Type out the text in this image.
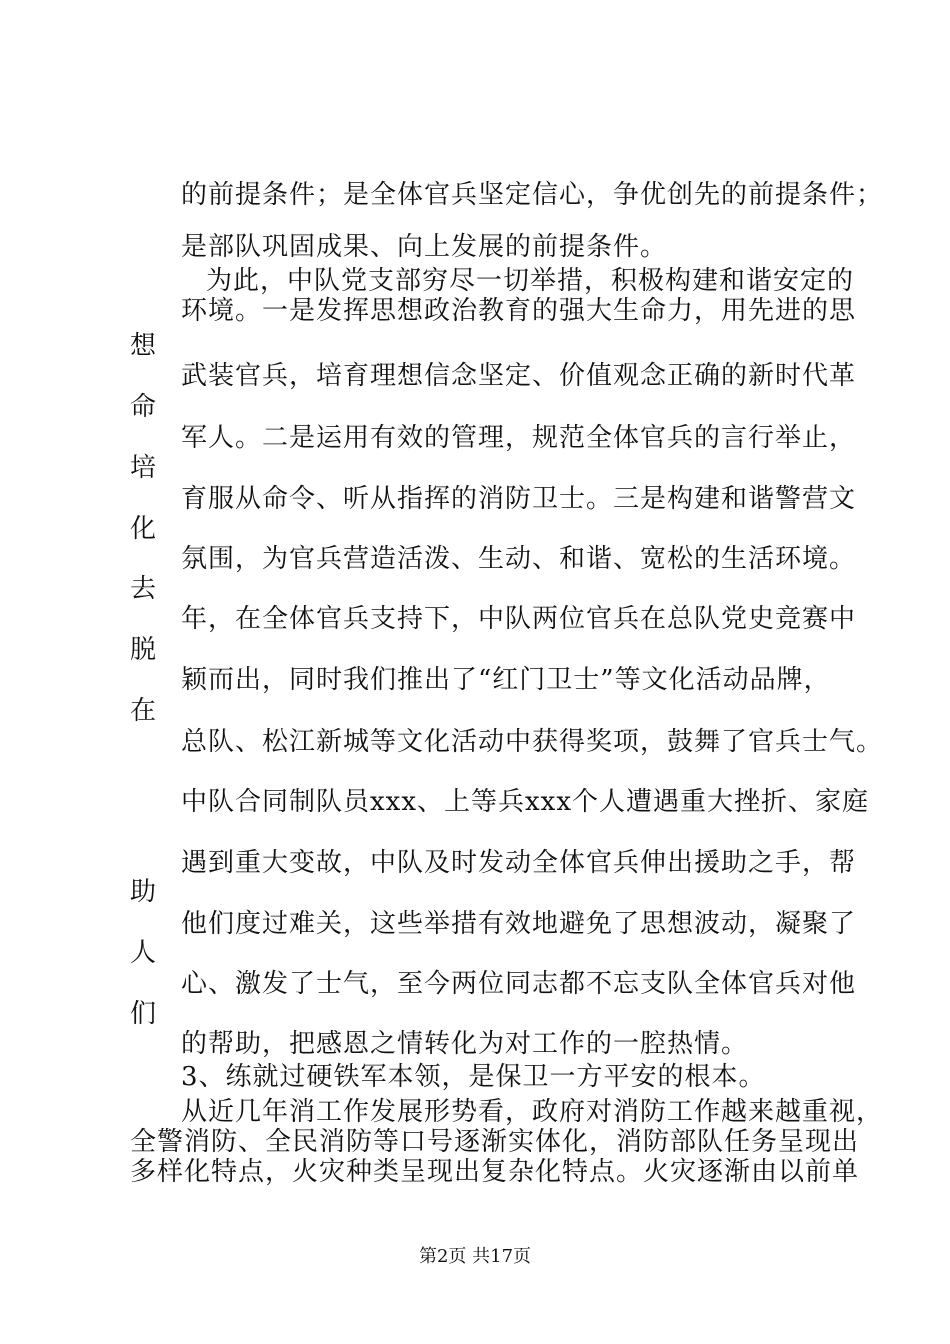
的前提条件；是全体官兵坚定信心，争优创先的前提条件；
是部队巩固成果、向上发展的前提条件。
为此，中队党支部穷尽一切举措，积极构建和谐安定的
环境。一是发挥思想政治教育的强大生命力，用先进的思
武装官兵，培育理想信念坚定、价值观念正确的新时代革
军人。二是运用有效的管理，规范全体官兵的言行举止，
育服从命令、听从指挥的消防卫士。三是构建和谐警营文
氛围，为官兵营造活泼、生动、和谐、宽松的生活环境。
年，在全体官兵支持下，中队两位官兵在总队党史竞赛中
颖而出，同时我们推出了“红门卫士”等文化活动品牌，
总队、松江新城等文化活动中获得奖项，鼓舞了官兵士气。
中队合同制队员xxx、上等兵xxx个人遭遇重大挫折、家庭
遇到重大变故，中队及时发动全体官兵伸出援助之手，帮
他们度过难关，这些举措有效地避免了思想波动，凝聚了
心、激发了士气，至今两位同志都不忘支队全体官兵对他
的帮助，把感恩之情转化为对工作的一腔热情。
3、练就过硬铁军本领，是保卫一方平安的根本。
从近几年消工作发展形势看，政府对消防工作越来越重视，
全警消防、全民消防等口号逐渐实体化，消防部队任务呈现出
多样化特点，火灾种类呈现出复杂化特点。火灾逐渐由以前单
想
命
培
化
去
脱
在
助
人
们
第2页 共17页
